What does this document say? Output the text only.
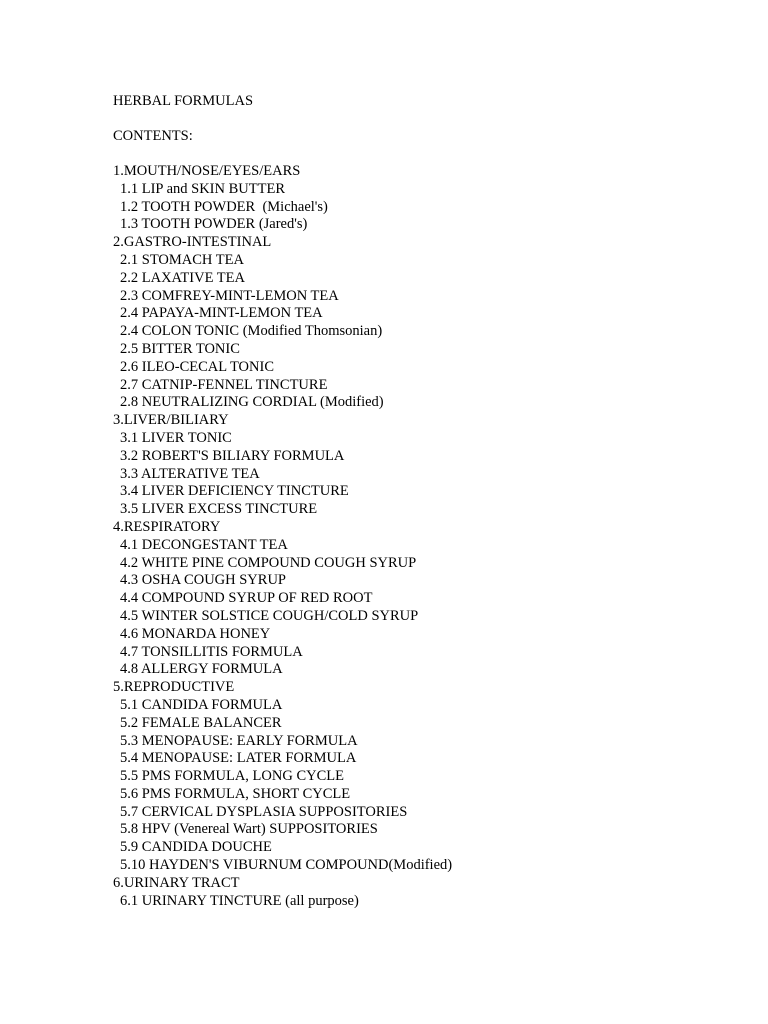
HERBAL FORMULAS
CONTENTS:
1.MOUTH/NOSE/EYES/EARS
1.1 LIP and SKIN BUTTER
1.2 TOOTH POWDER  (Michael's)
1.3 TOOTH POWDER (Jared's)
2.GASTRO-INTESTINAL
2.1 STOMACH TEA
2.2 LAXATIVE TEA
2.3 COMFREY-MINT-LEMON TEA
2.4 PAPAYA-MINT-LEMON TEA
2.4 COLON TONIC (Modified Thomsonian)
2.5 BITTER TONIC
2.6 ILEO-CECAL TONIC
2.7 CATNIP-FENNEL TINCTURE
2.8 NEUTRALIZING CORDIAL (Modified)
3.LIVER/BILIARY
3.1 LIVER TONIC
3.2 ROBERT'S BILIARY FORMULA
3.3 ALTERATIVE TEA
3.4 LIVER DEFICIENCY TINCTURE
3.5 LIVER EXCESS TINCTURE
4.RESPIRATORY
4.1 DECONGESTANT TEA
4.2 WHITE PINE COMPOUND COUGH SYRUP
4.3 OSHA COUGH SYRUP
4.4 COMPOUND SYRUP OF RED ROOT
4.5 WINTER SOLSTICE COUGH/COLD SYRUP
4.6 MONARDA HONEY
4.7 TONSILLITIS FORMULA
4.8 ALLERGY FORMULA
5.REPRODUCTIVE
5.1 CANDIDA FORMULA
5.2 FEMALE BALANCER
5.3 MENOPAUSE: EARLY FORMULA
5.4 MENOPAUSE: LATER FORMULA
5.5 PMS FORMULA, LONG CYCLE
5.6 PMS FORMULA, SHORT CYCLE
5.7 CERVICAL DYSPLASIA SUPPOSITORIES
5.8 HPV (Venereal Wart) SUPPOSITORIES
5.9 CANDIDA DOUCHE
5.10 HAYDEN'S VIBURNUM COMPOUND(Modified)
6.URINARY TRACT
6.1 URINARY TINCTURE (all purpose)
